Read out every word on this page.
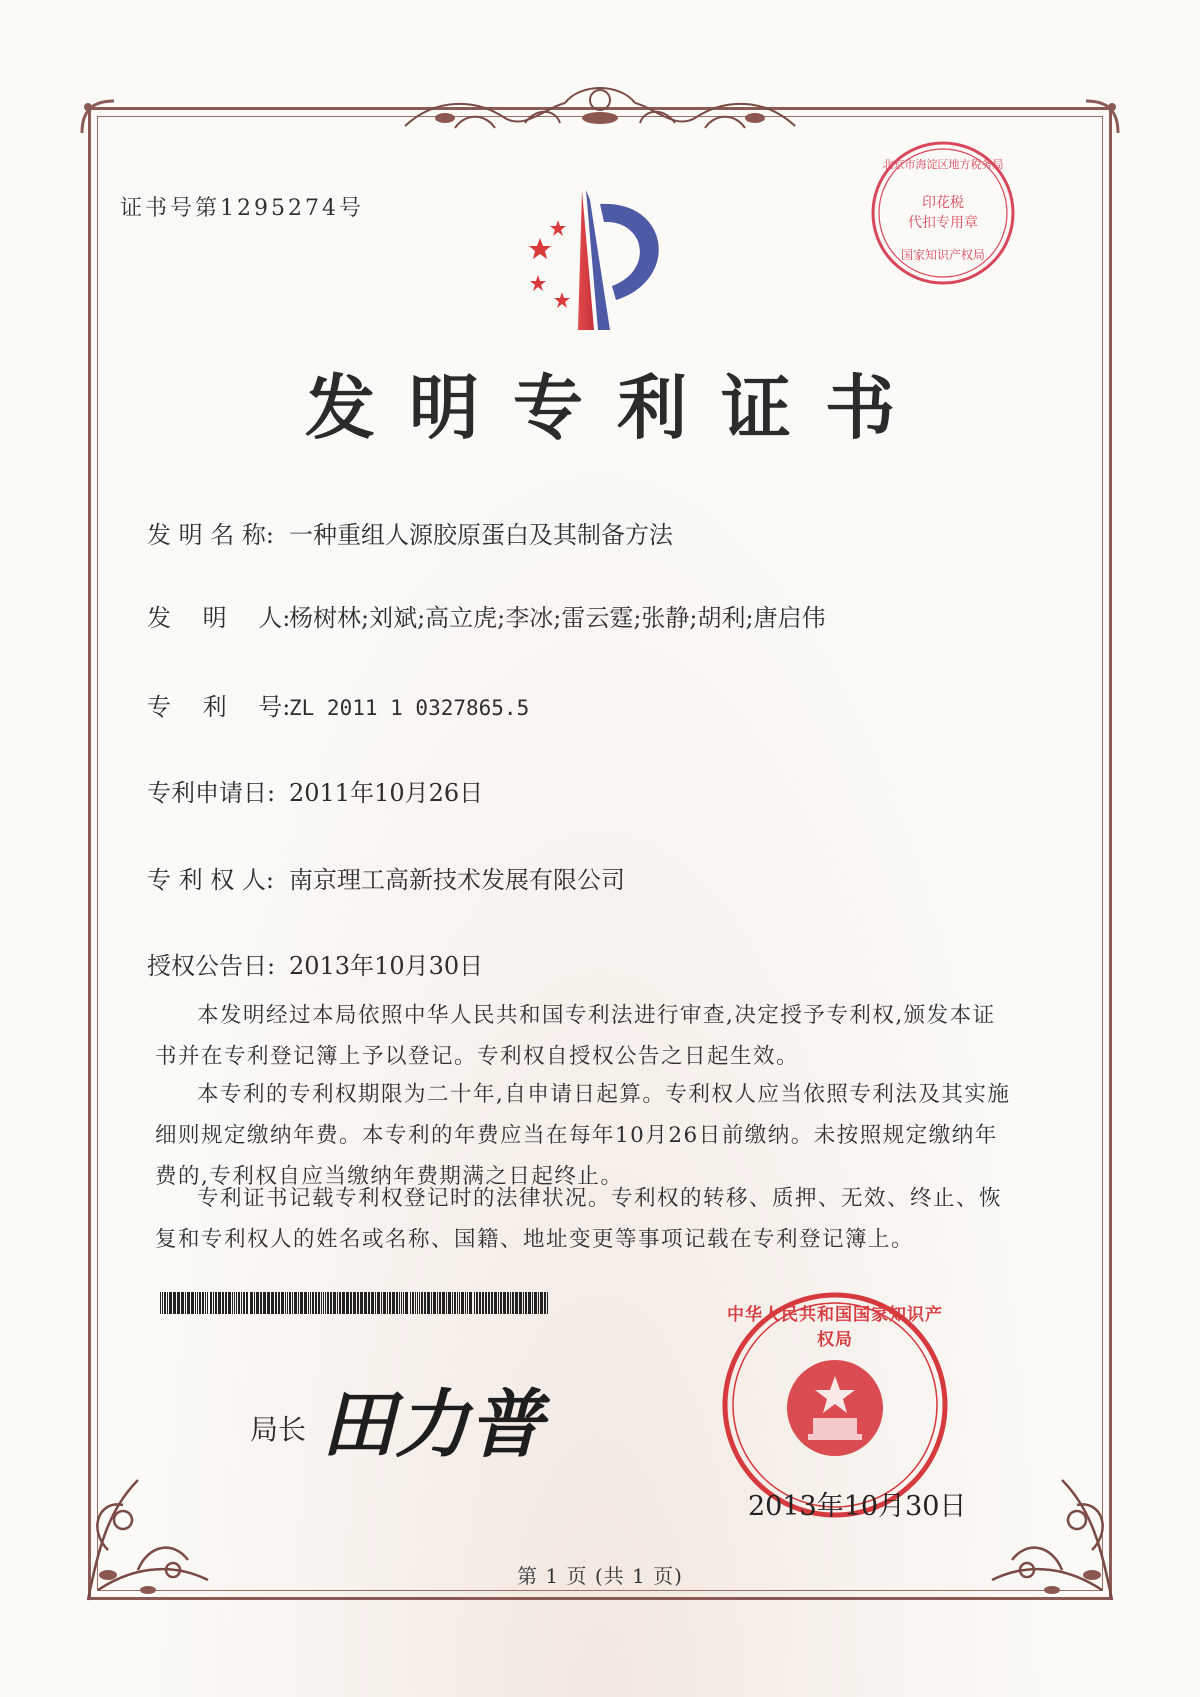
证书号第1295274号
北京市海淀区地方税务局
印花税
代扣专用章
国家知识产权局
发明专利证书
发 明 名 称: 一种重组人源胶原蛋白及其制备方法
发　 明　 人:杨树林;刘斌;高立虎;李冰;雷云霆;张静;胡利;唐启伟
专　 利　 号:ZL 2011 1 0327865.5
专利申请日: 2011年10月26日
专 利 权 人: 南京理工高新技术发展有限公司
授权公告日: 2013年10月30日
本发明经过本局依照中华人民共和国专利法进行审查,决定授予专利权,颁发本证书并在专利登记簿上予以登记。专利权自授权公告之日起生效。
本专利的专利权期限为二十年,自申请日起算。专利权人应当依照专利法及其实施细则规定缴纳年费。本专利的年费应当在每年10月26日前缴纳。未按照规定缴纳年费的,专利权自应当缴纳年费期满之日起终止。
专利证书记载专利权登记时的法律状况。专利权的转移、质押、无效、终止、恢复和专利权人的姓名或名称、国籍、地址变更等事项记载在专利登记簿上。
局长 田力普
中华人民共和国国家知识产权局
2013年10月30日
第 1 页 (共 1 页)
